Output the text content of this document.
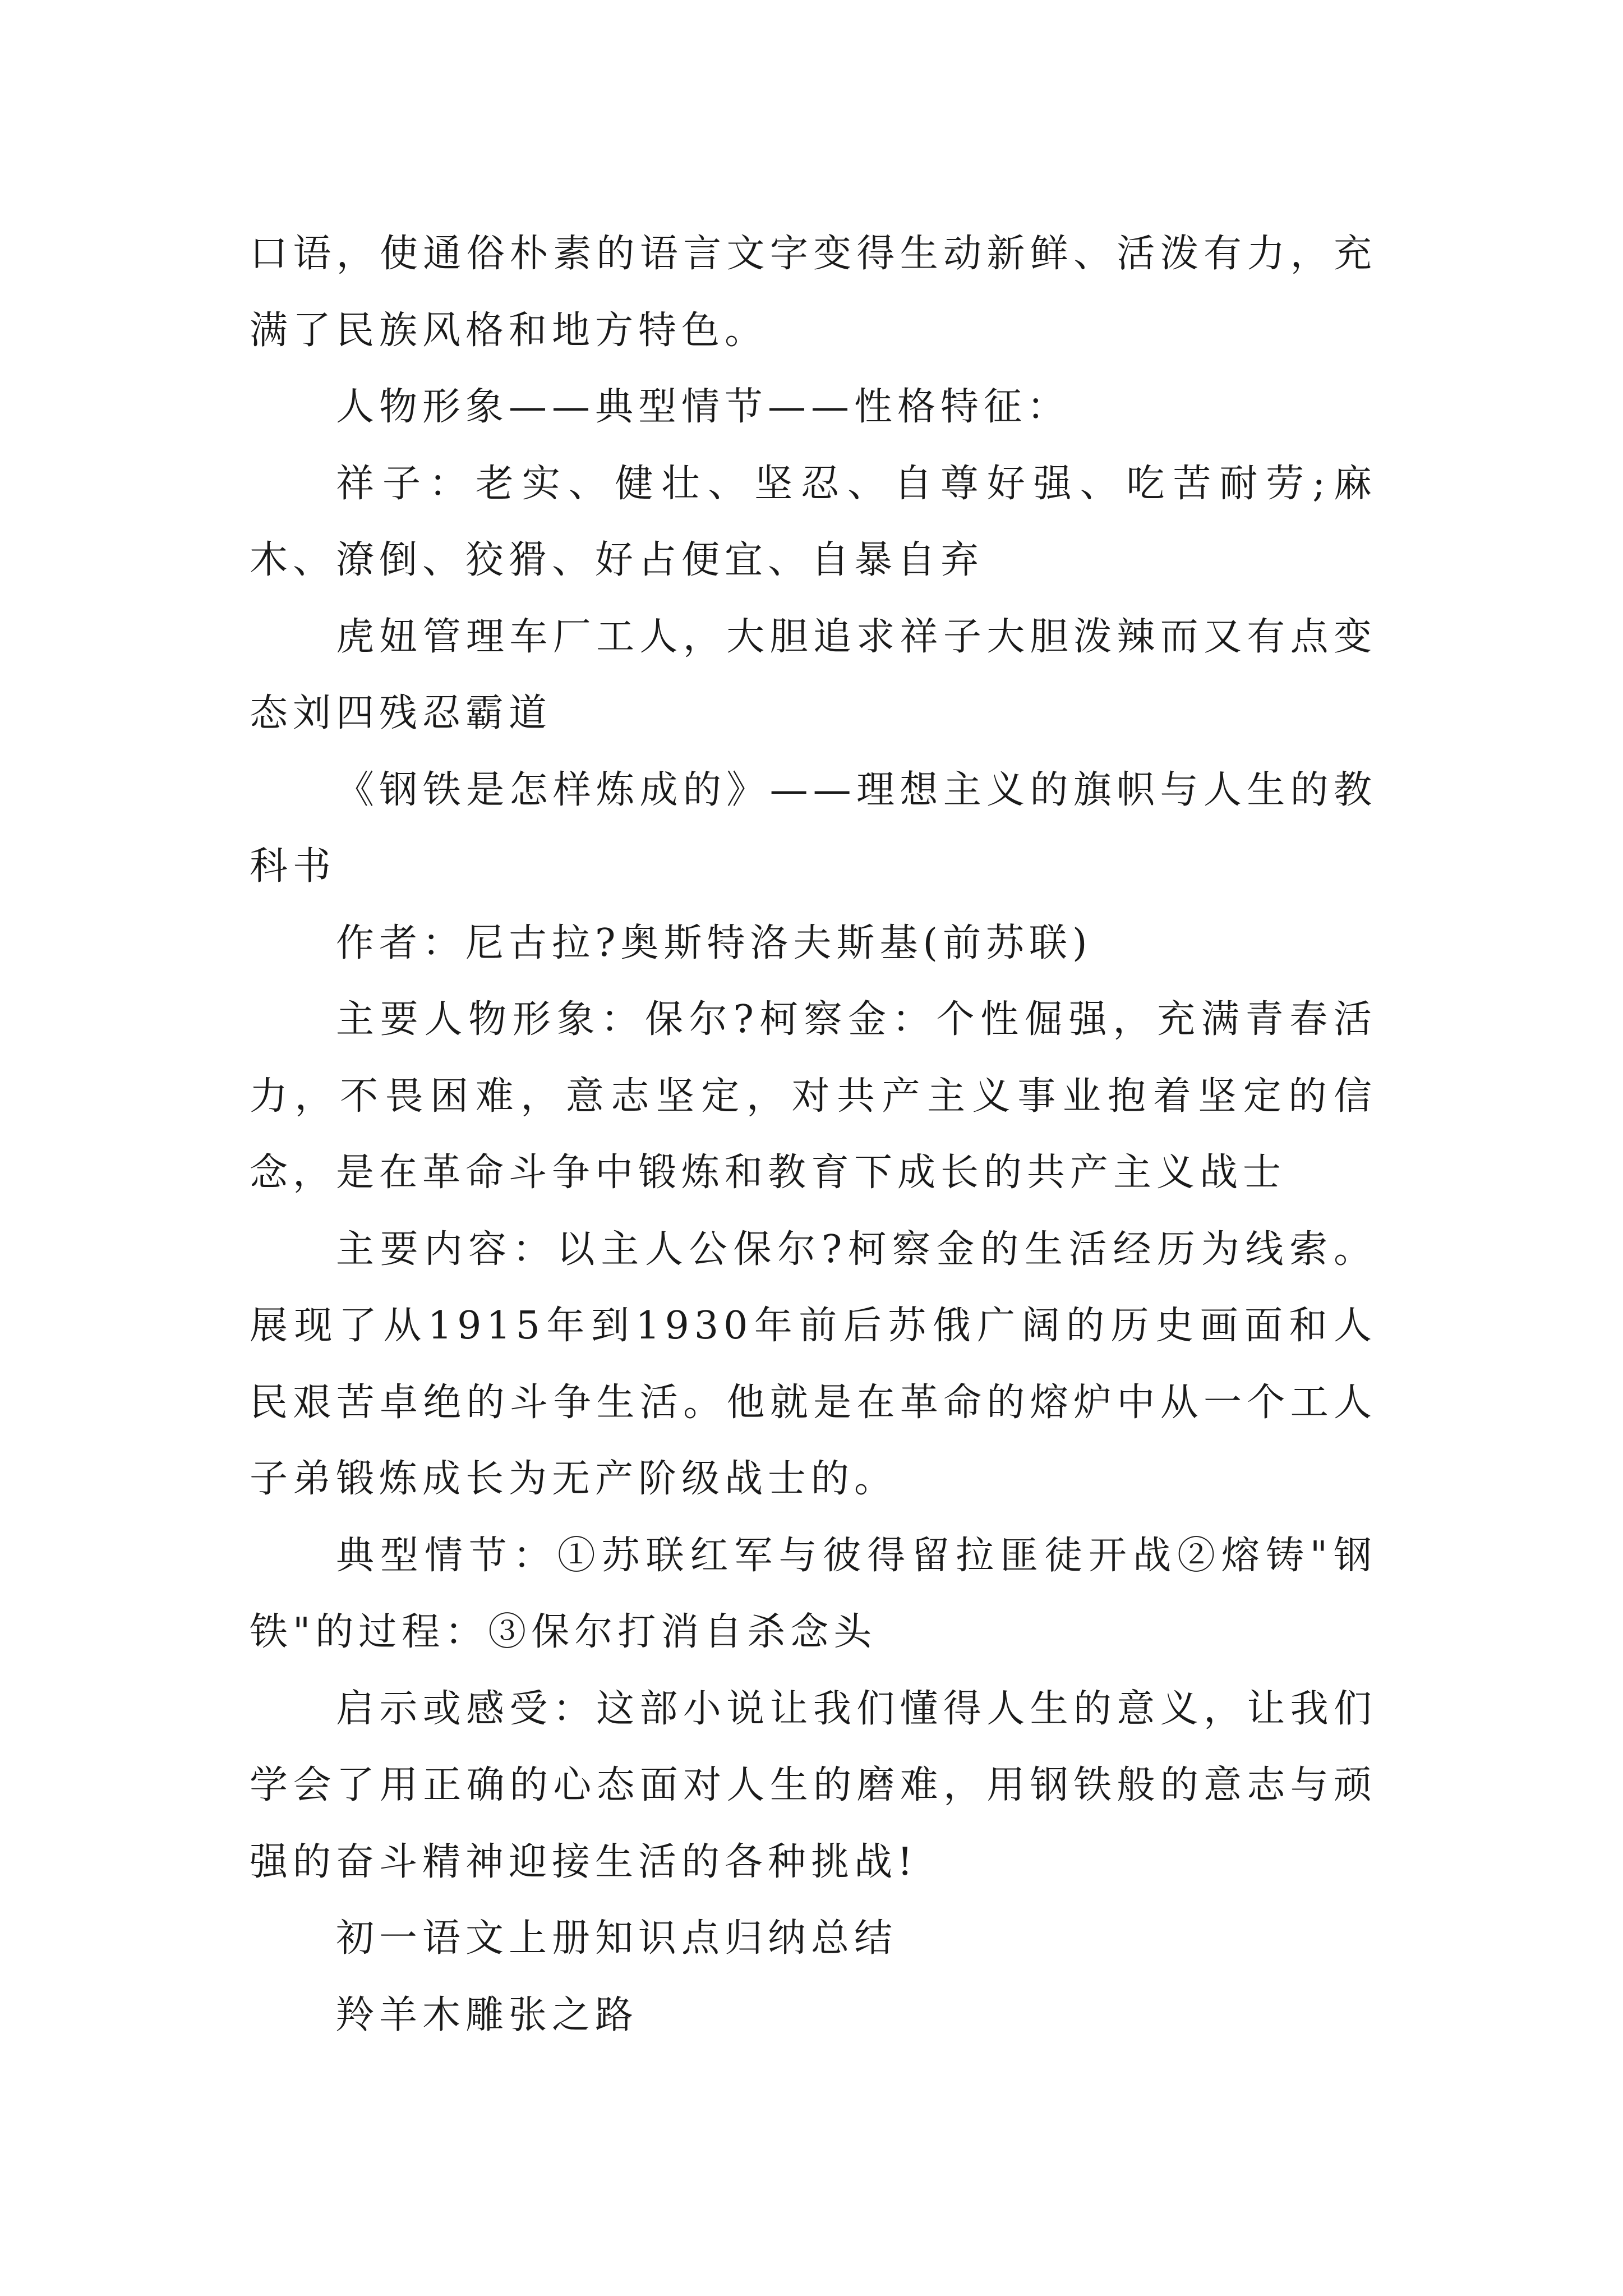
口语，使通俗朴素的语言文字变得生动新鲜、活泼有力，充满了民族风格和地方特色。

人物形象——典型情节——性格特征：

祥子：老实、健壮、坚忍、自尊好强、吃苦耐劳;麻木、潦倒、狡猾、好占便宜、自暴自弃

虎妞管理车厂工人，大胆追求祥子大胆泼辣而又有点变态刘四残忍霸道

《钢铁是怎样炼成的》——理想主义的旗帜与人生的教科书

作者：尼古拉?奥斯特洛夫斯基(前苏联)

主要人物形象：保尔?柯察金：个性倔强，充满青春活力，不畏困难，意志坚定，对共产主义事业抱着坚定的信念，是在革命斗争中锻炼和教育下成长的共产主义战士

主要内容：以主人公保尔?柯察金的生活经历为线索。展现了从1915年到1930年前后苏俄广阔的历史画面和人民艰苦卓绝的斗争生活。他就是在革命的熔炉中从一个工人子弟锻炼成长为无产阶级战士的。

典型情节：①苏联红军与彼得留拉匪徒开战②熔铸"钢铁"的过程：③保尔打消自杀念头

启示或感受：这部小说让我们懂得人生的意义，让我们学会了用正确的心态面对人生的磨难，用钢铁般的意志与顽强的奋斗精神迎接生活的各种挑战!

初一语文上册知识点归纳总结

羚羊木雕张之路
